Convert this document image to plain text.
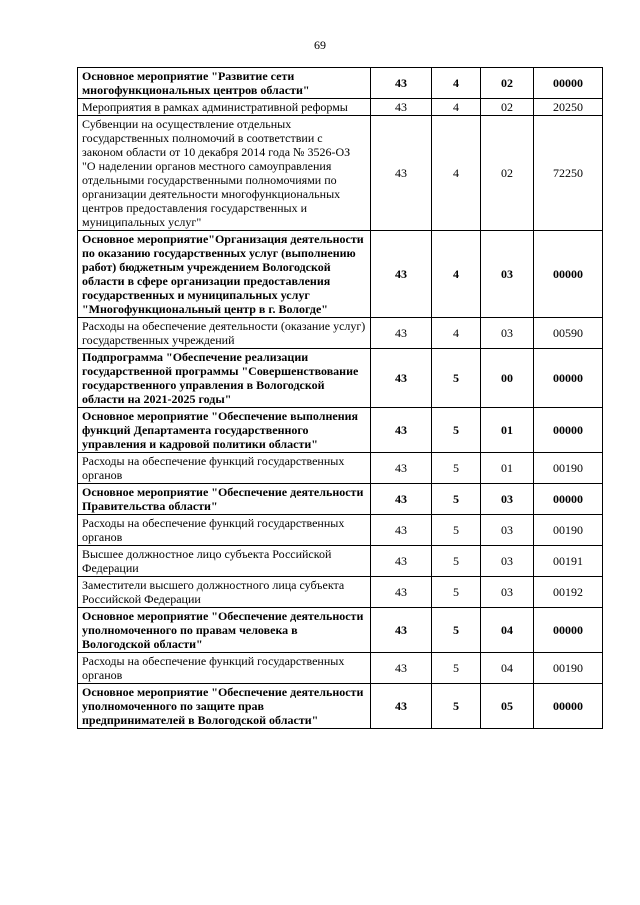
69
Основное мероприятие "Развитие сети многофункциональных центров области"	43	4	02	00000
Мероприятия в рамках административной реформы	43	4	02	20250
Субвенции на осуществление отдельных государственных полномочий в соответствии с законом области от 10 декабря 2014 года № 3526-ОЗ "О наделении органов местного самоуправления отдельными государственными полномочиями по организации деятельности многофункциональных центров предоставления государственных и муниципальных услуг"	43	4	02	72250
Основное мероприятие"Организация деятельности по оказанию государственных услуг (выполнению работ) бюджетным учреждением Вологодской области в сфере организации предоставления государственных и муниципальных услуг "Многофункциональный центр в г. Вологде"	43	4	03	00000
Расходы на обеспечение деятельности (оказание услуг) государственных учреждений	43	4	03	00590
Подпрограмма "Обеспечение реализации государственной программы "Совершенствование государственного управления в Вологодской области на 2021-2025 годы"	43	5	00	00000
Основное мероприятие "Обеспечение выполнения функций Департамента государственного управления и кадровой политики области"	43	5	01	00000
Расходы на обеспечение функций государственных органов	43	5	01	00190
Основное мероприятие "Обеспечение деятельности Правительства области"	43	5	03	00000
Расходы на обеспечение функций государственных органов	43	5	03	00190
Высшее должностное лицо субъекта Российской Федерации	43	5	03	00191
Заместители высшего должностного лица субъекта Российской Федерации	43	5	03	00192
Основное мероприятие "Обеспечение деятельности уполномоченного по правам человека в Вологодской области"	43	5	04	00000
Расходы на обеспечение функций государственных органов	43	5	04	00190
Основное мероприятие "Обеспечение деятельности уполномоченного по защите прав предпринимателей в Вологодской области"	43	5	05	00000
